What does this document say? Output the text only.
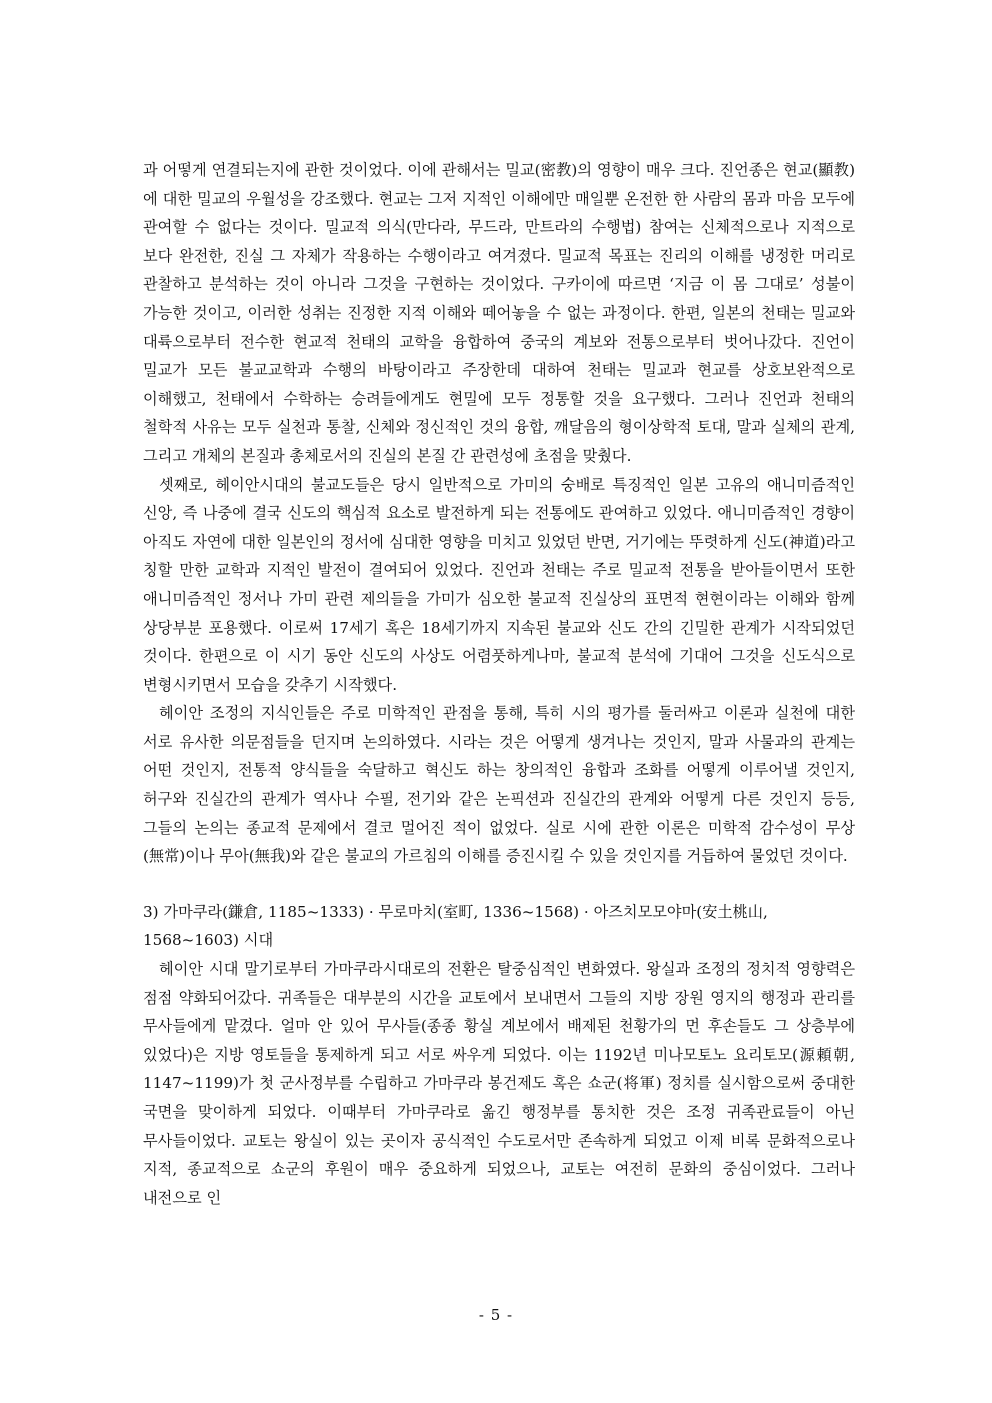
과 어떻게 연결되는지에 관한 것이었다. 이에 관해서는 밀교(密教)의 영향이 매우 크다. 진언종은 현교(顯教)에 대한 밀교의 우월성을 강조했다. 현교는 그저 지적인 이해에만 매일뿐 온전한 한 사람의 몸과 마음 모두에 관여할 수 없다는 것이다. 밀교적 의식(만다라, 무드라, 만트라의 수행법) 참여는 신체적으로나 지적으로 보다 완전한, 진실 그 자체가 작용하는 수행이라고 여겨졌다. 밀교적 목표는 진리의 이해를 냉정한 머리로 관찰하고 분석하는 것이 아니라 그것을 구현하는 것이었다. 구카이에 따르면 ‘지금 이 몸 그대로’ 성불이 가능한 것이고, 이러한 성취는 진정한 지적 이해와 떼어놓을 수 없는 과정이다. 한편, 일본의 천태는 밀교와 대륙으로부터 전수한 현교적 천태의 교학을 융합하여 중국의 계보와 전통으로부터 벗어나갔다. 진언이 밀교가 모든 불교교학과 수행의 바탕이라고 주장한데 대하여 천태는 밀교과 현교를 상호보완적으로 이해했고, 천태에서 수학하는 승려들에게도 현밀에 모두 정통할 것을 요구했다. 그러나 진언과 천태의 철학적 사유는 모두 실천과 통찰, 신체와 정신적인 것의 융합, 깨달음의 형이상학적 토대, 말과 실체의 관계, 그리고 개체의 본질과 총체로서의 진실의 본질 간 관련성에 초점을 맞췄다.

셋째로, 헤이안시대의 불교도들은 당시 일반적으로 가미의 숭배로 특징적인 일본 고유의 애니미즘적인 신앙, 즉 나중에 결국 신도의 핵심적 요소로 발전하게 되는 전통에도 관여하고 있었다. 애니미즘적인 경향이 아직도 자연에 대한 일본인의 정서에 심대한 영향을 미치고 있었던 반면, 거기에는 뚜렷하게 신도(神道)라고 칭할 만한 교학과 지적인 발전이 결여되어 있었다. 진언과 천태는 주로 밀교적 전통을 받아들이면서 또한 애니미즘적인 정서나 가미 관련 제의들을 가미가 심오한 불교적 진실상의 표면적 현현이라는 이해와 함께 상당부분 포용했다. 이로써 17세기 혹은 18세기까지 지속된 불교와 신도 간의 긴밀한 관계가 시작되었던 것이다. 한편으로 이 시기 동안 신도의 사상도 어렴풋하게나마, 불교적 분석에 기대어 그것을 신도식으로 변형시키면서 모습을 갖추기 시작했다.

헤이안 조정의 지식인들은 주로 미학적인 관점을 통해, 특히 시의 평가를 둘러싸고 이론과 실천에 대한 서로 유사한 의문점들을 던지며 논의하였다. 시라는 것은 어떻게 생겨나는 것인지, 말과 사물과의 관계는 어떤 것인지, 전통적 양식들을 숙달하고 혁신도 하는 창의적인 융합과 조화를 어떻게 이루어낼 것인지, 허구와 진실간의 관계가 역사나 수필, 전기와 같은 논픽션과 진실간의 관계와 어떻게 다른 것인지 등등, 그들의 논의는 종교적 문제에서 결코 멀어진 적이 없었다. 실로 시에 관한 이론은 미학적 감수성이 무상(無常)이나 무아(無我)와 같은 불교의 가르침의 이해를 증진시킬 수 있을 것인지를 거듭하여 물었던 것이다.

3) 가마쿠라(鎌倉, 1185~1333) · 무로마치(室町, 1336~1568) · 아즈치모모야마(安土桃山,
1568~1603) 시대

헤이안 시대 말기로부터 가마쿠라시대로의 전환은 탈중심적인 변화였다. 왕실과 조정의 정치적 영향력은 점점 약화되어갔다. 귀족들은 대부분의 시간을 교토에서 보내면서 그들의 지방 장원 영지의 행정과 관리를 무사들에게 맡겼다. 얼마 안 있어 무사들(종종 황실 계보에서 배제된 천황가의 먼 후손들도 그 상층부에 있었다)은 지방 영토들을 통제하게 되고 서로 싸우게 되었다. 이는 1192년 미나모토노 요리토모(源頼朝, 1147~1199)가 첫 군사정부를 수립하고 가마쿠라 봉건제도 혹은 쇼군(将軍) 정치를 실시함으로써 중대한 국면을 맞이하게 되었다. 이때부터 가마쿠라로 옮긴 행정부를 통치한 것은 조정 귀족관료들이 아닌 무사들이었다. 교토는 왕실이 있는 곳이자 공식적인 수도로서만 존속하게 되었고 이제 비록 문화적으로나 지적, 종교적으로 쇼군의 후원이 매우 중요하게 되었으나, 교토는 여전히 문화의 중심이었다. 그러나 내전으로 인

- 5 -
